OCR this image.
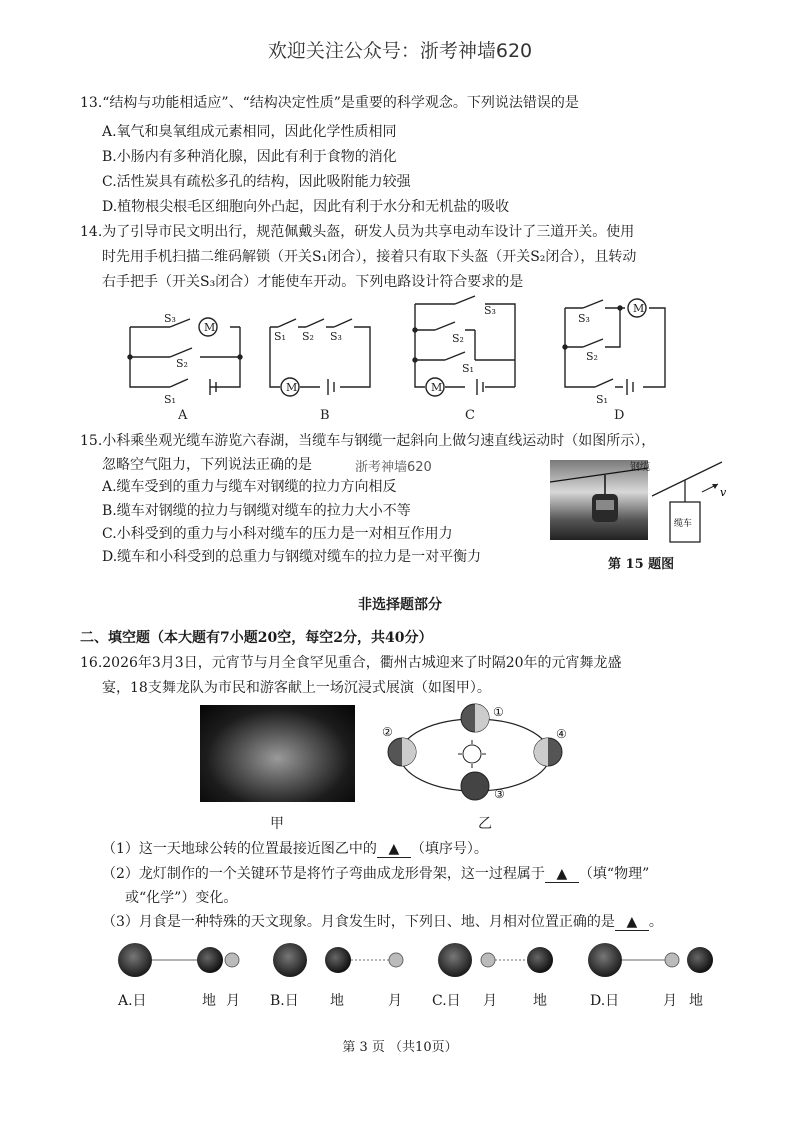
欢迎关注公众号：浙考神墙620
13.“结构与功能相适应”、“结构决定性质”是重要的科学观念。下列说法错误的是
A.氧气和臭氧组成元素相同，因此化学性质相同
B.小肠内有多种消化腺，因此有利于食物的消化
C.活性炭具有疏松多孔的结构，因此吸附能力较强
D.植物根尖根毛区细胞向外凸起，因此有利于水分和无机盐的吸收
14.为了引导市民文明出行，规范佩戴头盔，研发人员为共享电动车设计了三道开关。使用
时先用手机扫描二维码解锁（开关S₁闭合），接着只有取下头盔（开关S₂闭合），且转动
右手把手（开关S₃闭合）才能使车开动。下列电路设计符合要求的是
S₃
M
S₂
S₁
A
S₁ S₂ S₃
M
B
S₃
S₂
S₁
M
C
S₃
M
S₂
S₁
D
15.小科乘坐观光缆车游览六春湖，当缆车与钢缆一起斜向上做匀速直线运动时（如图所示），
忽略空气阻力，下列说法正确的是	浙考神墙620
A.缆车受到的重力与缆车对钢缆的拉力方向相反
B.缆车对钢缆的拉力与钢缆对缆车的拉力大小不等
C.小科受到的重力与小科对缆车的压力是一对相互作用力
D.缆车和小科受到的总重力与钢缆对缆车的拉力是一对平衡力
v
缆车
钢缆
第 15 题图
非选择题部分
二、填空题（本大题有7小题20空，每空2分，共40分）
16.2026年3月3日，元宵节与月全食罕见重合，衢州古城迎来了时隔20年的元宵舞龙盛
宴，18支舞龙队为市民和游客献上一场沉浸式展演（如图甲）。
甲
①
②
③
④
乙
（1）这一天地球公转的位置最接近图乙中的 ▲ （填序号）。
（2）龙灯制作的一个关键环节是将竹子弯曲成龙形骨架，这一过程属于 ▲ （填“物理”
或“化学”）变化。
（3）月食是一种特殊的天文现象。月食发生时，下列日、地、月相对位置正确的是 ▲ 。
A.日	地 月 B.日 地	月 C.日 月	地	D.日	月 地
第 3 页 （共10页）
